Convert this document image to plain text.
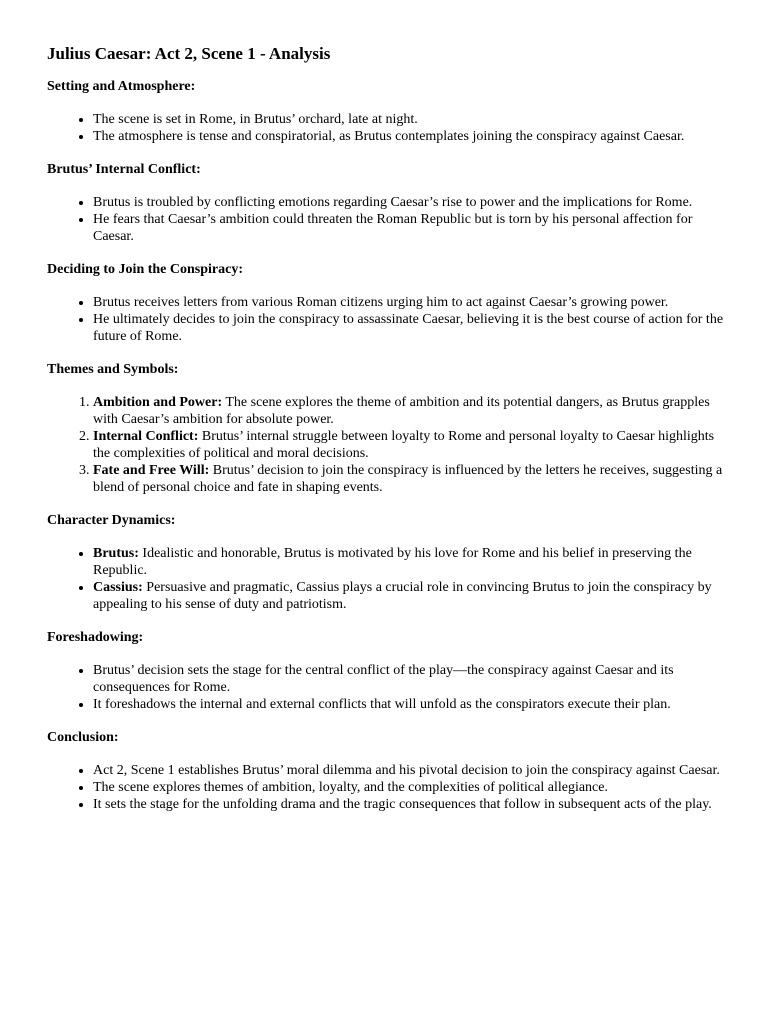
Julius Caesar: Act 2, Scene 1 - Analysis
Setting and Atmosphere:
• The scene is set in Rome, in Brutus’ orchard, late at night.
• The atmosphere is tense and conspiratorial, as Brutus contemplates joining the conspiracy against Caesar.
Brutus’ Internal Conflict:
• Brutus is troubled by conflicting emotions regarding Caesar’s rise to power and the implications for Rome.
• He fears that Caesar’s ambition could threaten the Roman Republic but is torn by his personal affection for Caesar.
Deciding to Join the Conspiracy:
• Brutus receives letters from various Roman citizens urging him to act against Caesar’s growing power.
• He ultimately decides to join the conspiracy to assassinate Caesar, believing it is the best course of action for the future of Rome.
Themes and Symbols:
1. Ambition and Power: The scene explores the theme of ambition and its potential dangers, as Brutus grapples with Caesar’s ambition for absolute power.
2. Internal Conflict: Brutus’ internal struggle between loyalty to Rome and personal loyalty to Caesar highlights the complexities of political and moral decisions.
3. Fate and Free Will: Brutus’ decision to join the conspiracy is influenced by the letters he receives, suggesting a blend of personal choice and fate in shaping events.
Character Dynamics:
• Brutus: Idealistic and honorable, Brutus is motivated by his love for Rome and his belief in preserving the Republic.
• Cassius: Persuasive and pragmatic, Cassius plays a crucial role in convincing Brutus to join the conspiracy by appealing to his sense of duty and patriotism.
Foreshadowing:
• Brutus’ decision sets the stage for the central conflict of the play—the conspiracy against Caesar and its consequences for Rome.
• It foreshadows the internal and external conflicts that will unfold as the conspirators execute their plan.
Conclusion:
• Act 2, Scene 1 establishes Brutus’ moral dilemma and his pivotal decision to join the conspiracy against Caesar.
• The scene explores themes of ambition, loyalty, and the complexities of political allegiance.
• It sets the stage for the unfolding drama and the tragic consequences that follow in subsequent acts of the play.
